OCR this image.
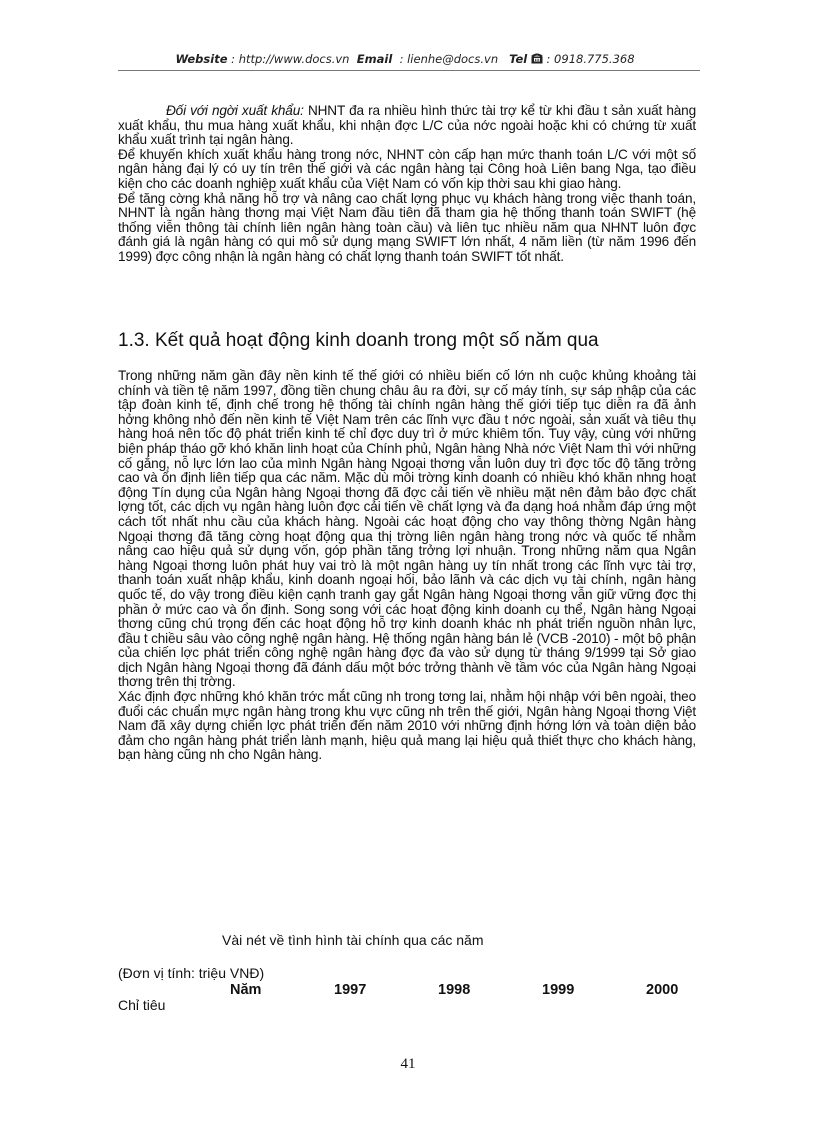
Website : http://www.docs.vn Email : lienhe@docs.vn Tel : 0918.775.368

Đối với ngời xuất khẩu: NHNT đa ra nhiều hình thức tài trợ kể từ khi đầu t sản xuất hàng xuất khẩu, thu mua hàng xuất khẩu, khi nhận đợc L/C của nớc ngoài hoặc khi có chứng từ xuất khẩu xuất trình tại ngân hàng.

Để khuyến khích xuất khẩu hàng trong nớc, NHNT còn cấp hạn mức thanh toán L/C với một số ngân hàng đại lý có uy tín trên thế giới và các ngân hàng tại Công hoà Liên bang Nga, tạo điều kiện cho các doanh nghiệp xuất khẩu của Việt Nam có vốn kịp thời sau khi giao hàng.

Để tăng cờng khả năng hỗ trợ và nâng cao chất lợng phục vụ khách hàng trong việc thanh toán, NHNT là ngân hàng thơng mại Việt Nam đầu tiên đã tham gia hệ thống thanh toán SWIFT (hệ thống viễn thông tài chính liên ngân hàng toàn cầu) và liên tục nhiều năm qua NHNT luôn đợc đánh giá là ngân hàng có qui mô sử dụng mạng SWIFT lớn nhất, 4 năm liền (từ năm 1996 đến 1999) đợc công nhận là ngân hàng có chất lợng thanh toán SWIFT tốt nhất.

1.3. Kết quả hoạt động kinh doanh trong một số năm qua

Trong những năm gần đây nền kinh tế thế giới có nhiều biến cố lớn nh cuộc khủng khoảng tài chính và tiền tệ năm 1997, đồng tiền chung châu âu ra đời, sự cố máy tính, sự sáp nhập của các tập đoàn kinh tế, định chế trong hệ thống tài chính ngân hàng thế giới tiếp tục diễn ra đã ảnh hởng không nhỏ đến nền kinh tế Việt Nam trên các lĩnh vực đầu t nớc ngoài, sản xuất và tiêu thụ hàng hoá nên tốc độ phát triển kinh tế chỉ đợc duy trì ở mức khiêm tốn. Tuy vậy, cùng với những biện pháp tháo gỡ khó khăn linh hoạt của Chính phủ, Ngân hàng Nhà nớc Việt Nam thì với những cố gắng, nỗ lực lớn lao của mình Ngân hàng Ngoại thơng vẫn luôn duy trì đợc tốc độ tăng trởng cao và ổn định liên tiếp qua các năm. Mặc dù môi trờng kinh doanh có nhiều khó khăn nhng hoạt động Tín dụng của Ngân hàng Ngoại thơng đã đợc cải tiến về nhiều mặt nên đảm bảo đợc chất lợng tốt, các dịch vụ ngân hàng luôn đợc cải tiến về chất lợng và đa dạng hoá nhằm đáp ứng một cách tốt nhất nhu cầu của khách hàng. Ngoài các hoạt động cho vay thông thờng Ngân hàng Ngoại thơng đã tăng cờng hoạt động qua thị trờng liên ngân hàng trong nớc và quốc tế nhằm nâng cao hiệu quả sử dụng vốn, góp phần tăng trởng lợi nhuận. Trong những năm qua Ngân hàng Ngoại thơng luôn phát huy vai trò là một ngân hàng uy tín nhất trong các lĩnh vực tài trợ, thanh toán xuất nhập khẩu, kinh doanh ngoại hối, bảo lãnh và các dịch vụ tài chính, ngân hàng quốc tế, do vậy trong điều kiện cạnh tranh gay gắt Ngân hàng Ngoại thơng vẫn giữ vững đợc thị phần ở mức cao và ổn định. Song song với các hoạt động kinh doanh cụ thể, Ngân hàng Ngoại thơng cũng chú trọng đến các hoạt động hỗ trợ kinh doanh khác nh phát triển nguồn nhân lực, đầu t chiều sâu vào công nghệ ngân hàng. Hệ thống ngân hàng bán lẻ (VCB -2010) - một bộ phận của chiến lợc phát triển công nghệ ngân hàng đợc đa vào sử dụng từ tháng 9/1999 tại Sở giao dịch Ngân hàng Ngoại thơng đã đánh dấu một bớc trởng thành về tầm vóc của Ngân hàng Ngoại thơng trên thị trờng.

Xác định đợc những khó khăn trớc mắt cũng nh trong tơng lai, nhằm hội nhập với bên ngoài, theo đuổi các chuẩn mực ngân hàng trong khu vực cũng nh trên thế giới, Ngân hàng Ngoại thơng Việt Nam đã xây dựng chiến lợc phát triển đến năm 2010 với những định hớng lớn và toàn diện bảo đảm cho ngân hàng phát triển lành mạnh, hiệu quả mang lại hiệu quả thiết thực cho khách hàng, bạn hàng cũng nh cho Ngân hàng.

Vài nét về tình hình tài chính qua các năm
(Đơn vị tính: triệu VNĐ)
Năm	1997	1998	1999	2000
Chỉ tiêu
41
